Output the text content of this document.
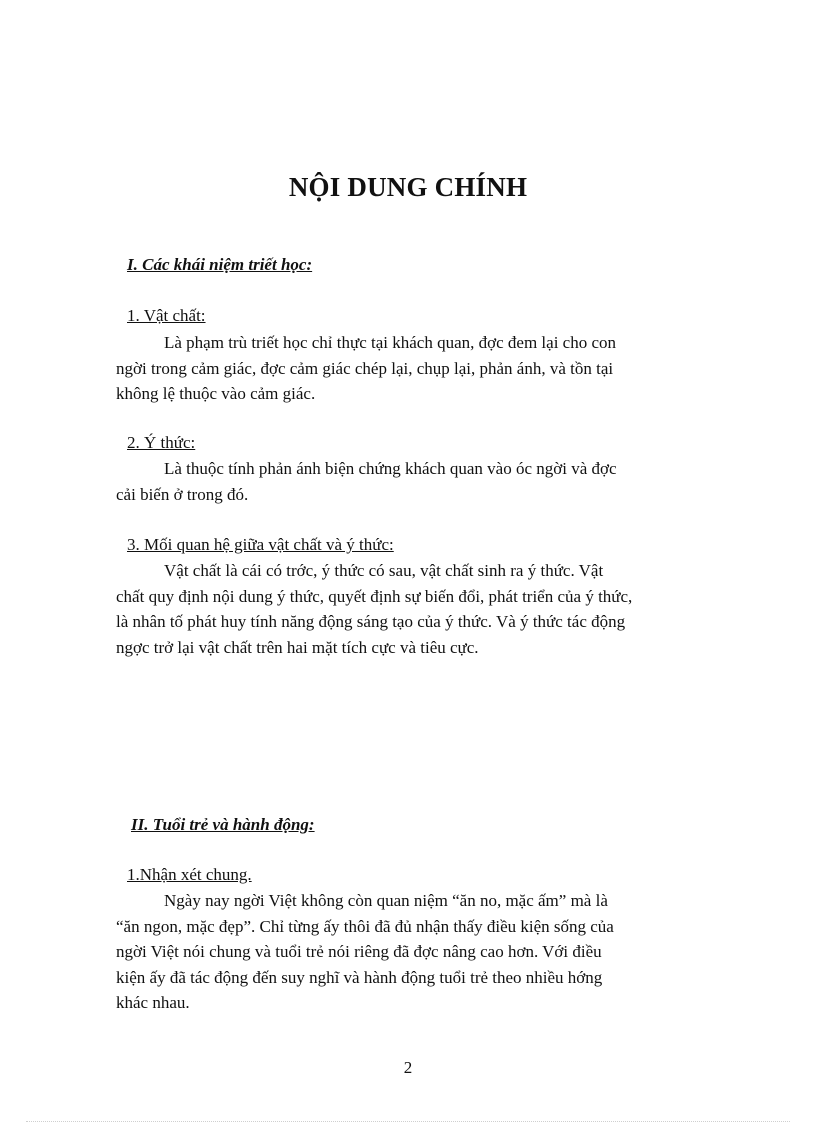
NỘI DUNG CHÍNH
I. Các khái niệm triết học:
1. Vật chất:
Là phạm trù triết học chỉ thực tại khách quan, đợc đem lại cho con
ngời trong cảm giác, đợc cảm giác chép lại, chụp lại, phản ánh, và tồn tại
không lệ thuộc vào cảm giác.
2. Ý thức:
Là thuộc tính phản ánh biện chứng khách quan vào óc ngời và đợc
cải biến ở trong đó.
3. Mối quan hệ giữa vật chất và ý thức:
Vật chất là cái có trớc, ý thức có sau, vật chất sinh ra ý thức. Vật
chất quy định nội dung ý thức, quyết định sự biến đổi, phát triển của ý thức,
là nhân tố phát huy tính năng động sáng tạo của ý thức. Và ý thức tác động
ngợc trở lại vật chất trên hai mặt tích cực và tiêu cực.
II. Tuổi trẻ và hành động:
1.Nhận xét chung.
Ngày nay ngời Việt không còn quan niệm “ăn no, mặc ấm” mà là
“ăn ngon, mặc đẹp”. Chỉ từng ấy thôi đã đủ nhận thấy điều kiện sống của
ngời Việt nói chung và tuổi trẻ nói riêng đã đợc nâng cao hơn. Với điều
kiện ấy đã tác động đến suy nghĩ và hành động tuổi trẻ theo nhiều hớng
khác nhau.
2
